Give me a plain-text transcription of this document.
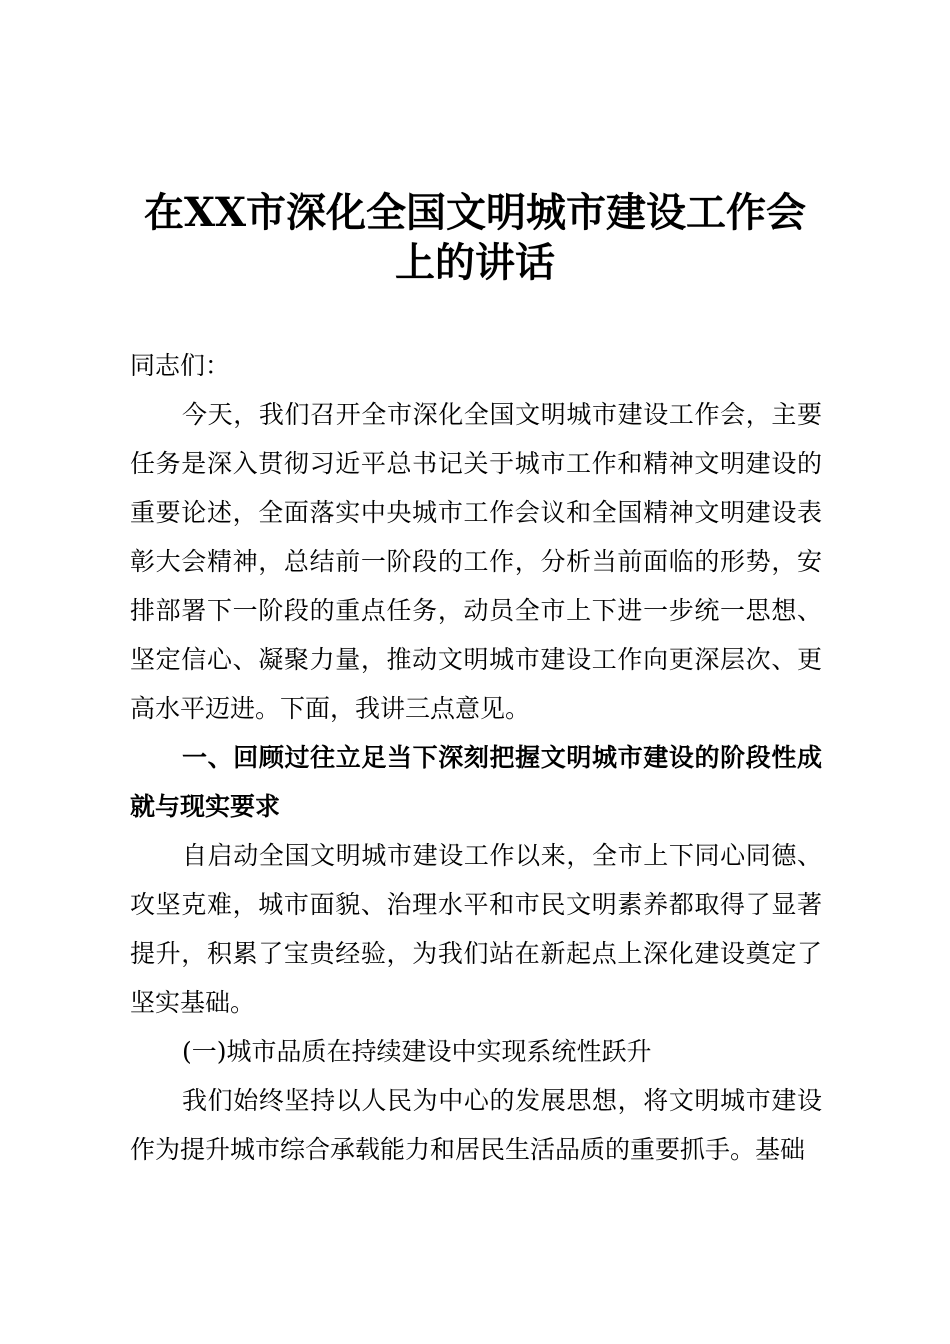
在XX市深化全国文明城市建设工作会
上的讲话
同志们：
今天，我们召开全市深化全国文明城市建设工作会，主要
任务是深入贯彻习近平总书记关于城市工作和精神文明建设的
重要论述，全面落实中央城市工作会议和全国精神文明建设表
彰大会精神，总结前一阶段的工作，分析当前面临的形势，安
排部署下一阶段的重点任务，动员全市上下进一步统一思想、
坚定信心、凝聚力量，推动文明城市建设工作向更深层次、更
高水平迈进。下面，我讲三点意见。
一、回顾过往立足当下深刻把握文明城市建设的阶段性成
就与现实要求
自启动全国文明城市建设工作以来，全市上下同心同德、
攻坚克难，城市面貌、治理水平和市民文明素养都取得了显著
提升，积累了宝贵经验，为我们站在新起点上深化建设奠定了
坚实基础。
(一)城市品质在持续建设中实现系统性跃升
我们始终坚持以人民为中心的发展思想，将文明城市建设
作为提升城市综合承载能力和居民生活品质的重要抓手。基础
